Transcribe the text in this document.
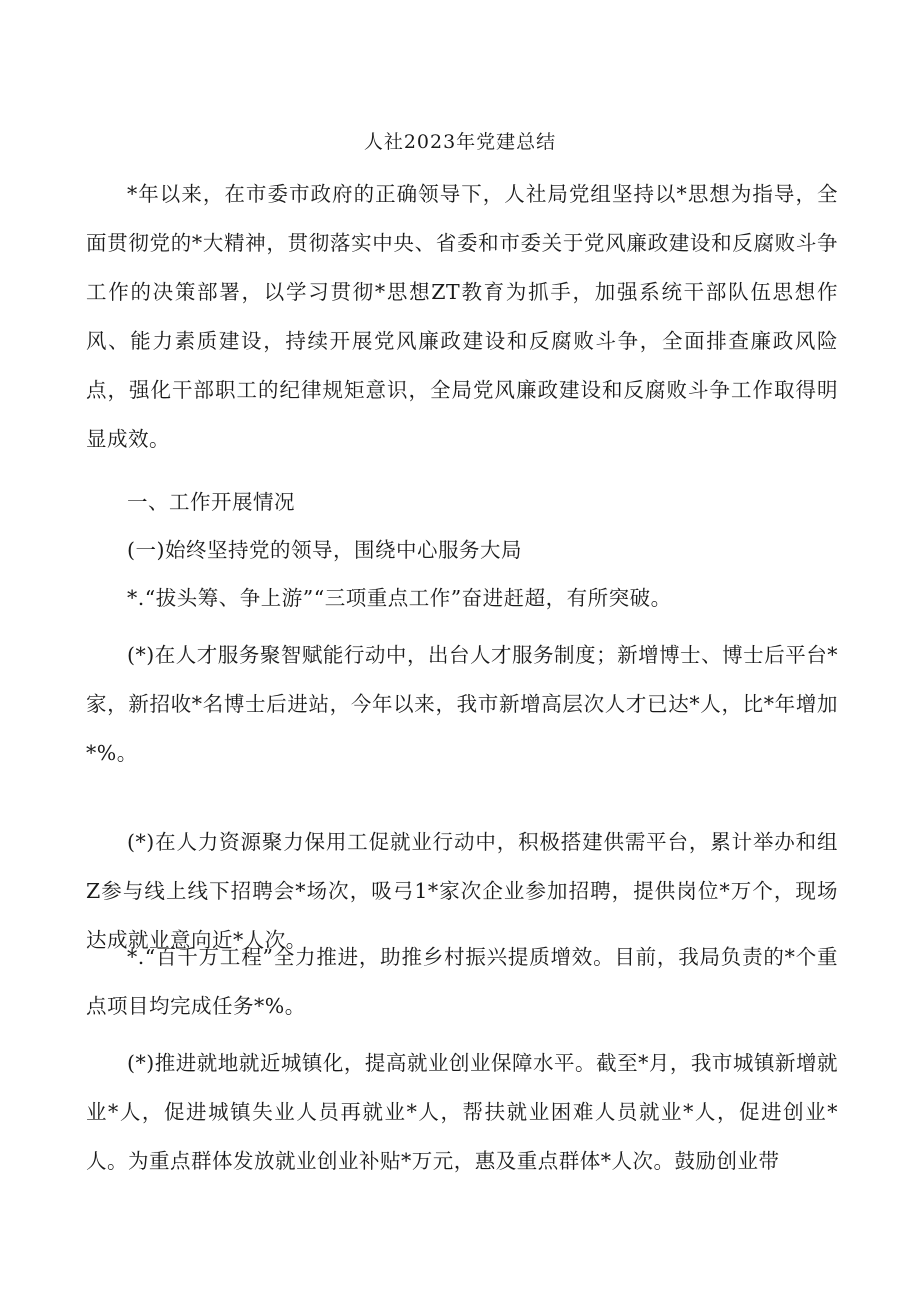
人社2023年党建总结

*年以来，在市委市政府的正确领导下，人社局党组坚持以*思想为指导，全面贯彻党的*大精神，贯彻落实中央、省委和市委关于党风廉政建设和反腐败斗争工作的决策部署，以学习贯彻*思想ZT教育为抓手，加强系统干部队伍思想作风、能力素质建设，持续开展党风廉政建设和反腐败斗争，全面排查廉政风险点，强化干部职工的纪律规矩意识，全局党风廉政建设和反腐败斗争工作取得明显成效。

一、工作开展情况

(一)始终坚持党的领导，围绕中心服务大局

*.“拔头筹、争上游”“三项重点工作”奋进赶超，有所突破。

(*)在人才服务聚智赋能行动中，出台人才服务制度；新增博士、博士后平台*家，新招收*名博士后进站，今年以来，我市新增高层次人才已达*人，比*年增加*%。

(*)在人力资源聚力保用工促就业行动中，积极搭建供需平台，累计举办和组Z参与线上线下招聘会*场次，吸弓1*家次企业参加招聘，提供岗位*万个，现场达成就业意向近*人次。

*.“百千万工程”全力推进，助推乡村振兴提质增效。目前，我局负责的*个重点项目均完成任务*%。

(*)推进就地就近城镇化，提高就业创业保障水平。截至*月，我市城镇新增就业*人，促进城镇失业人员再就业*人，帮扶就业困难人员就业*人，促进创业*人。为重点群体发放就业创业补贴*万元，惠及重点群体*人次。鼓励创业带
